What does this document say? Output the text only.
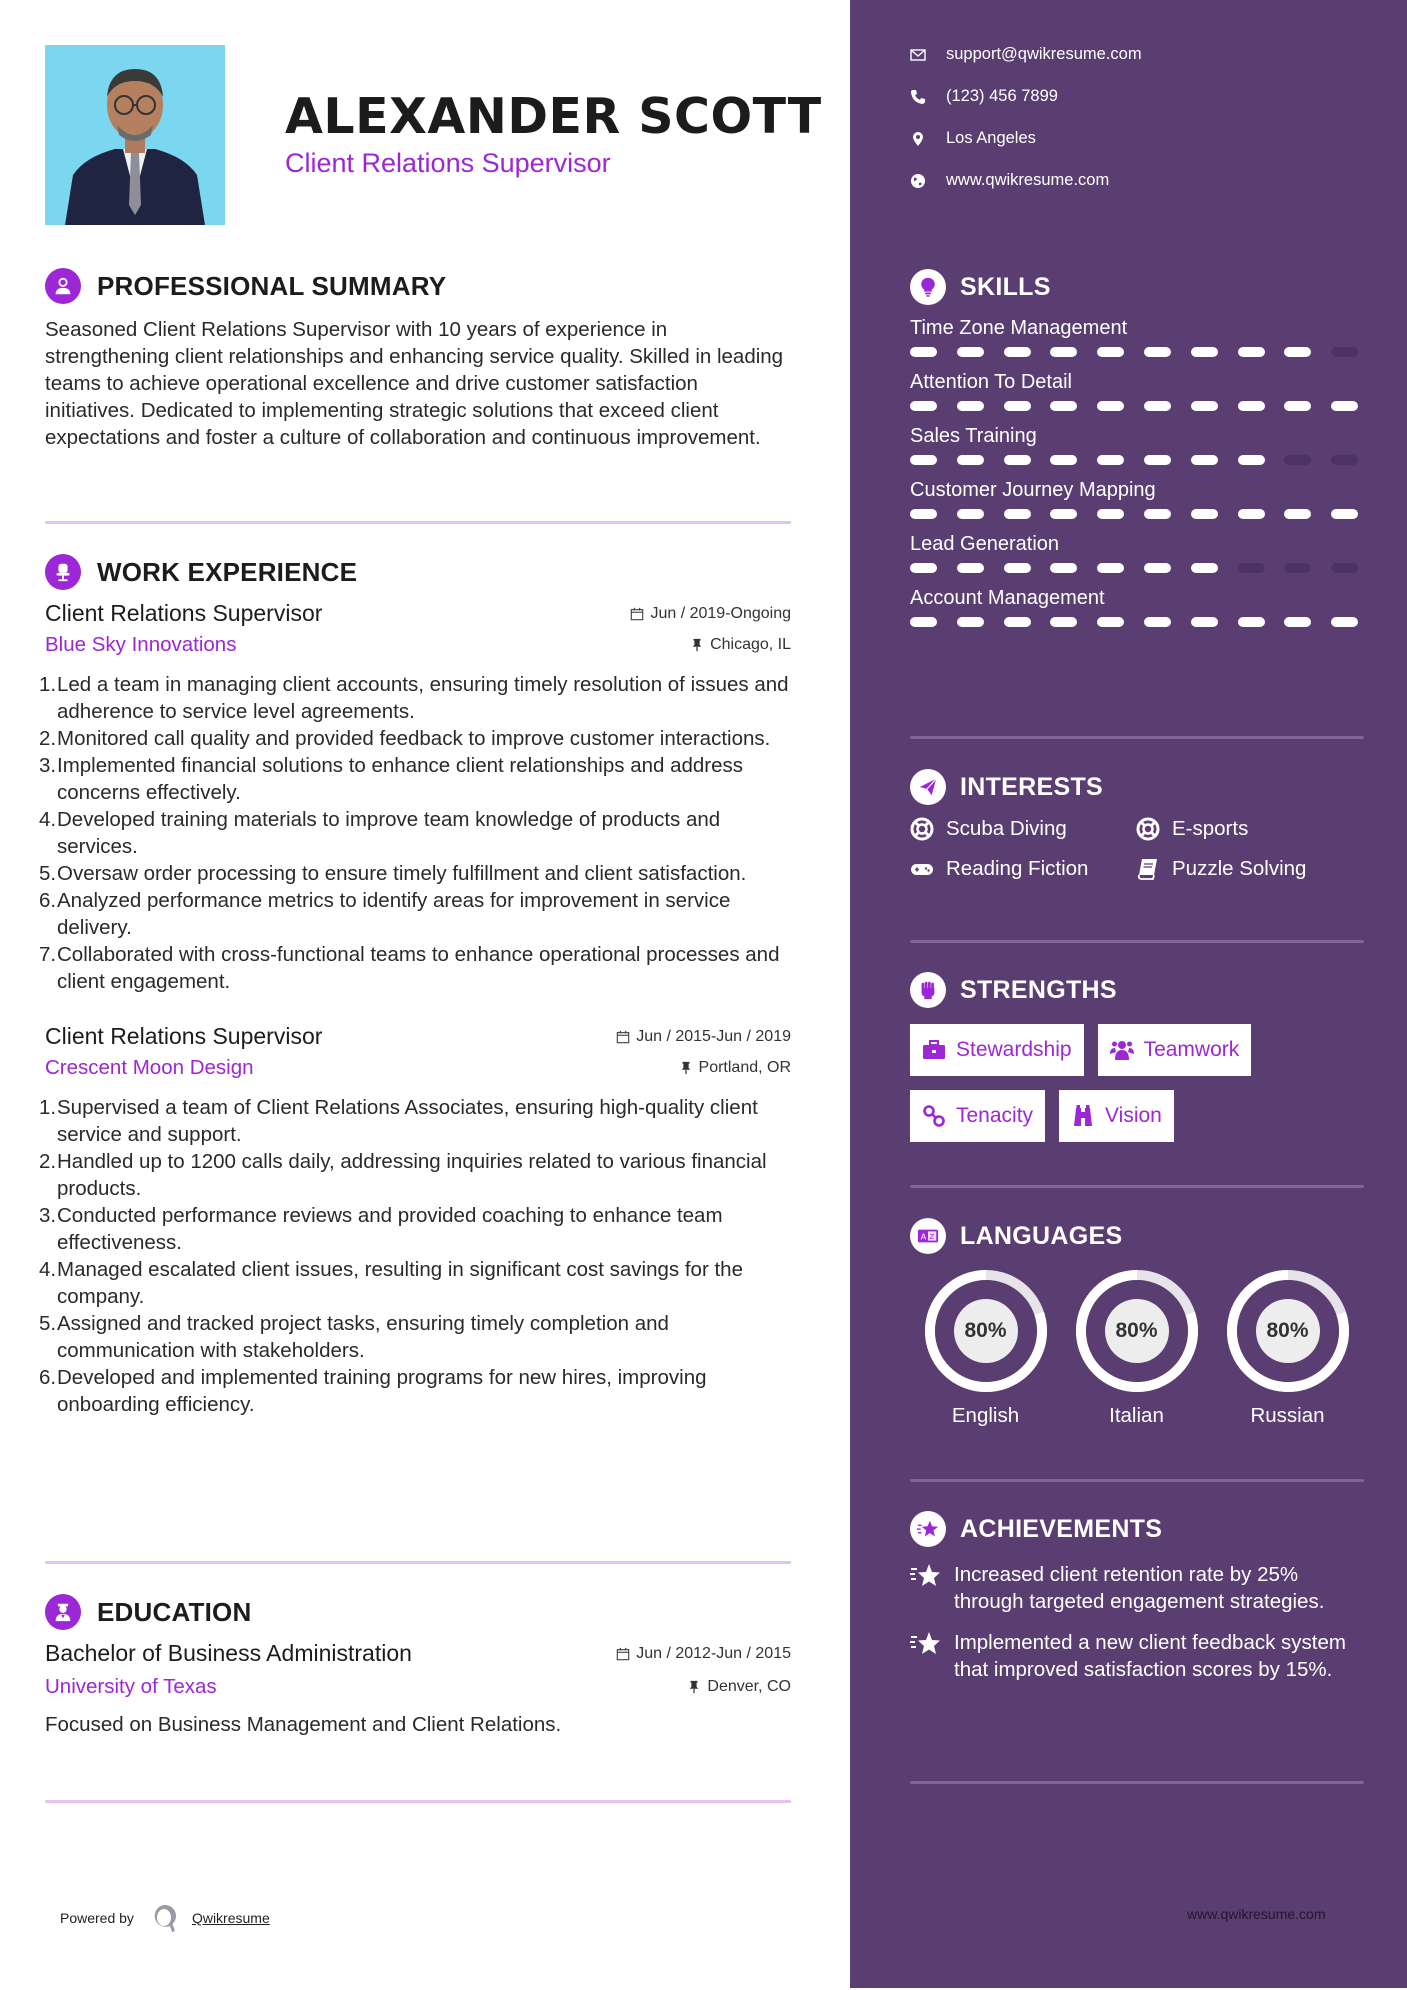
ALEXANDER SCOTT
Client Relations Supervisor
PROFESSIONAL SUMMARY

Seasoned Client Relations Supervisor with 10 years of experience in strengthening client relationships and enhancing service quality. Skilled in leading teams to achieve operational excellence and drive customer satisfaction initiatives. Dedicated to implementing strategic solutions that exceed client expectations and foster a culture of collaboration and continuous improvement.

WORK EXPERIENCE
Client Relations Supervisor	Jun / 2019-Ongoing
Blue Sky Innovations	Chicago, IL
1. Led a team in managing client accounts, ensuring timely resolution of issues and adherence to service level agreements.
2. Monitored call quality and provided feedback to improve customer interactions.
3. Implemented financial solutions to enhance client relationships and address concerns effectively.
4. Developed training materials to improve team knowledge of products and services.
5. Oversaw order processing to ensure timely fulfillment and client satisfaction.
6. Analyzed performance metrics to identify areas for improvement in service delivery.
7. Collaborated with cross-functional teams to enhance operational processes and client engagement.
Client Relations Supervisor	Jun / 2015-Jun / 2019
Crescent Moon Design	Portland, OR
1. Supervised a team of Client Relations Associates, ensuring high-quality client service and support.
2. Handled up to 1200 calls daily, addressing inquiries related to various financial products.
3. Conducted performance reviews and provided coaching to enhance team effectiveness.
4. Managed escalated client issues, resulting in significant cost savings for the company.
5. Assigned and tracked project tasks, ensuring timely completion and communication with stakeholders.
6. Developed and implemented training programs for new hires, improving onboarding efficiency.
EDUCATION
Bachelor of Business Administration	Jun / 2012-Jun / 2015
University of Texas	Denver, CO

Focused on Business Management and Client Relations.

Powered by	Qwikresume
support@qwikresume.com
(123) 456 7899
Los Angeles
www.qwikresume.com
SKILLS
Time Zone Management
Attention To Detail
Sales Training
Customer Journey Mapping
Lead Generation
Account Management
INTERESTS
Scuba Diving	E-sports
Reading Fiction	Puzzle Solving
STRENGTHS
Stewardship	Teamwork
Tenacity	Vision
A Z LANGUAGES
80%
English
80%
Italian
80%
Russian
ACHIEVEMENTS
Increased client retention rate by 25% through targeted engagement strategies.
Implemented a new client feedback system that improved satisfaction scores by 15%.
www.qwikresume.com
